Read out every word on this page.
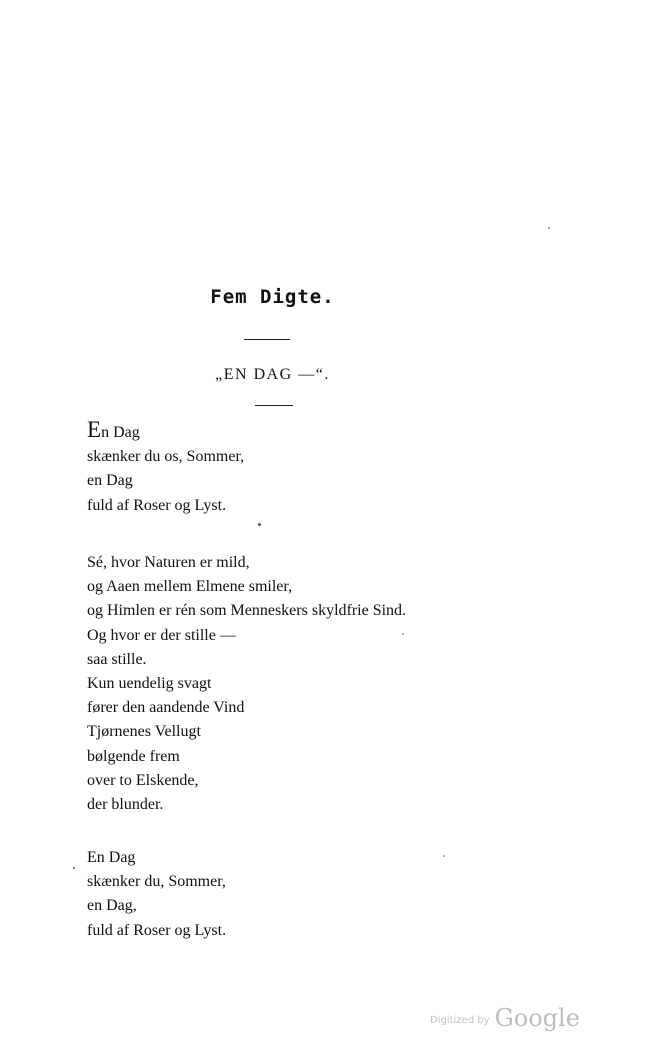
Fem Digte.
„EN DAG —“.
En Dag
skænker du os, Sommer,
en Dag
fuld af Roser og Lyst.
Sé, hvor Naturen er mild,
og Aaen mellem Elmene smiler,
og Himlen er rén som Menneskers skyldfrie Sind.
Og hvor er der stille —
saa stille.
Kun uendelig svagt
fører den aandende Vind
Tjørnenes Vellugt
bølgende frem
over to Elskende,
der blunder.
En Dag
skænker du, Sommer,
en Dag,
fuld af Roser og Lyst.
Digitized by Google
